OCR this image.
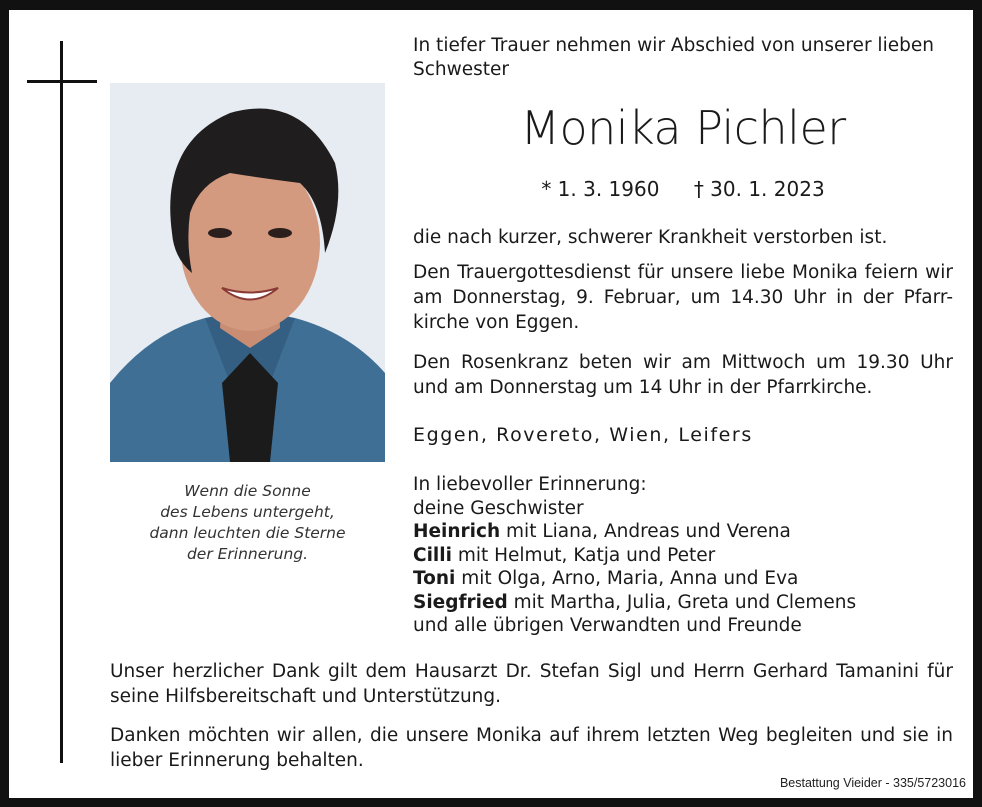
Wenn die Sonne
des Lebens untergeht,
dann leuchten die Sterne
der Erinnerung.
In tiefer Trauer nehmen wir Abschied von unserer lieben
Schwester
Monika Pichler
* 1. 3. 1960 † 30. 1. 2023
die nach kurzer, schwerer Krankheit verstorben ist.
Den Trauergottesdienst für unsere liebe Monika feiern wir
am Donnerstag, 9. Februar, um 14.30 Uhr in der Pfarr-
kirche von Eggen.
Den Rosenkranz beten wir am Mittwoch um 19.30 Uhr
und am Donnerstag um 14 Uhr in der Pfarrkirche.
Eggen, Rovereto, Wien, Leifers
In liebevoller Erinnerung:
deine Geschwister
Heinrich mit Liana, Andreas und Verena
Cilli mit Helmut, Katja und Peter
Toni mit Olga, Arno, Maria, Anna und Eva
Siegfried mit Martha, Julia, Greta und Clemens
und alle übrigen Verwandten und Freunde
Unser herzlicher Dank gilt dem Hausarzt Dr. Stefan Sigl und Herrn Gerhard Tamanini für
seine Hilfsbereitschaft und Unterstützung.
Danken möchten wir allen, die unsere Monika auf ihrem letzten Weg begleiten und sie in
lieber Erinnerung behalten.
Bestattung Vieider - 335/5723016
